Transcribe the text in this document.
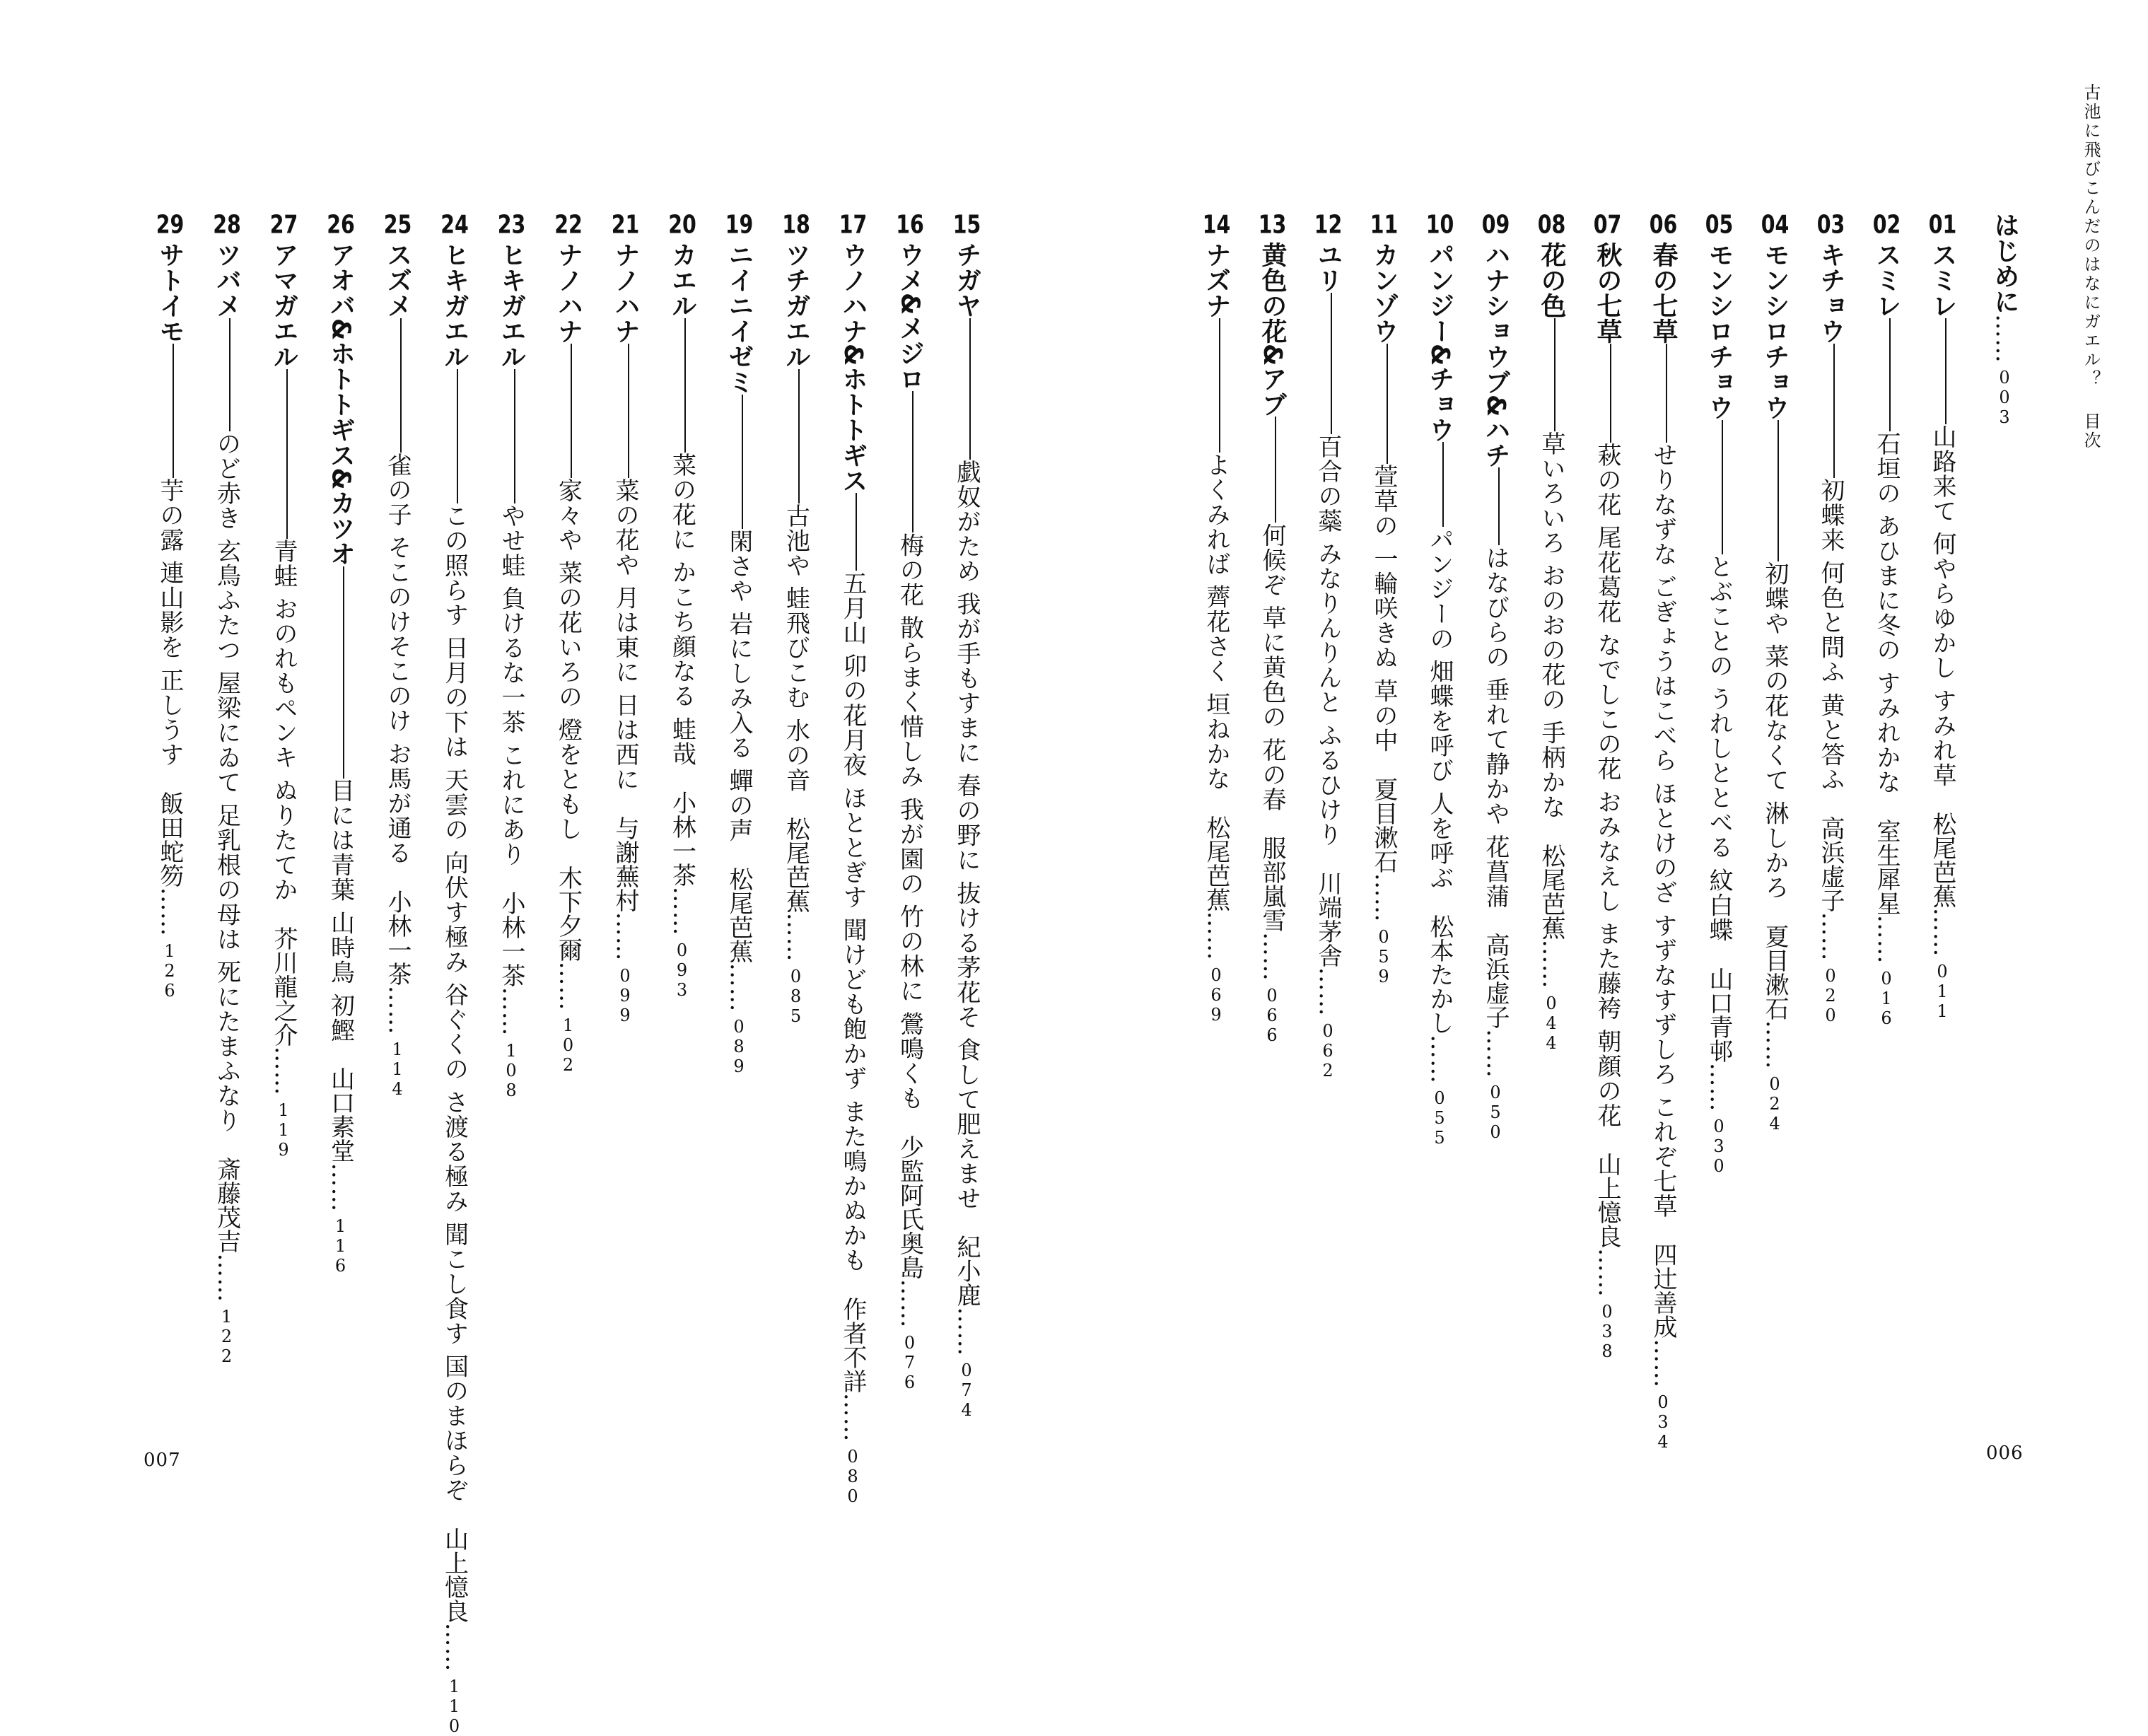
古池に飛びこんだのはなにガエル？ 目次
006
007
はじめに……003
01スミレ山路来て 何やらゆかし すみれ草松尾芭蕉……011
02スミレ石垣の あひまに冬の すみれかな室生犀星……016
03キチョウ初蝶来 何色と問ふ 黄と答ふ高浜虚子……020
04モンシロチョウ初蝶や 菜の花なくて 淋しかろ夏目漱石……024
05モンシロチョウとぶことの うれしととべる 紋白蝶山口青邨……030
06春の七草せりなずな ごぎょうはこべら ほとけのざ すずなすずしろ これぞ七草四辻善成……034
07秋の七草萩の花 尾花葛花 なでしこの花 おみなえし また藤袴 朝顔の花山上憶良……038
08花の色草いろいろ おのおの花の 手柄かな松尾芭蕉……044
09ハナショウブ&ハチはなびらの 垂れて静かや 花菖蒲高浜虚子……050
10パンジー&チョウパンジーの 畑蝶を呼び 人を呼ぶ松本たかし……055
11カンゾウ萱草の 一輪咲きぬ 草の中夏目漱石……059
12ユリ百合の蘂 みなりんりんと ふるひけり川端茅舎……062
13黄色の花&アブ何候ぞ 草に黄色の 花の春服部嵐雪……066
14ナズナよくみれば 薺花さく 垣ねかな松尾芭蕉……069
15チガヤ戯奴がため 我が手もすまに 春の野に 抜ける茅花そ 食して肥えませ紀小鹿……074
16ウメ&メジロ梅の花 散らまく惜しみ 我が園の 竹の林に 鶯鳴くも少監阿氏奥島……076
17ウノハナ&ホトトギス五月山 卯の花月夜 ほととぎす 聞けども飽かず また鳴かぬかも作者不詳……080
18ツチガエル古池や 蛙飛びこむ 水の音松尾芭蕉……085
19ニイニイゼミ閑さや 岩にしみ入る 蟬の声松尾芭蕉……089
20カエル菜の花に かこち顔なる 蛙哉小林一茶……093
21ナノハナ菜の花や 月は東に 日は西に与謝蕪村……099
22ナノハナ家々や 菜の花いろの 燈をともし木下夕爾……102
23ヒキガエルやせ蛙 負けるな一茶 これにあり小林一茶……108
24ヒキガエルこの照らす 日月の下は 天雲の 向伏す極み 谷ぐくの さ渡る極み 聞こし食す 国のまほらぞ山上憶良……110
25スズメ雀の子 そこのけそこのけ お馬が通る小林一茶……114
26アオバ&ホトトギス&カツオ目には青葉 山時鳥 初鰹山口素堂……116
27アマガエル青蛙 おのれもペンキ ぬりたてか芥川龍之介……119
28ツバメのど赤き 玄鳥ふたつ 屋梁にゐて 足乳根の母は 死にたまふなり斎藤茂吉……122
29サトイモ芋の露 連山影を 正しうす飯田蛇笏……126
